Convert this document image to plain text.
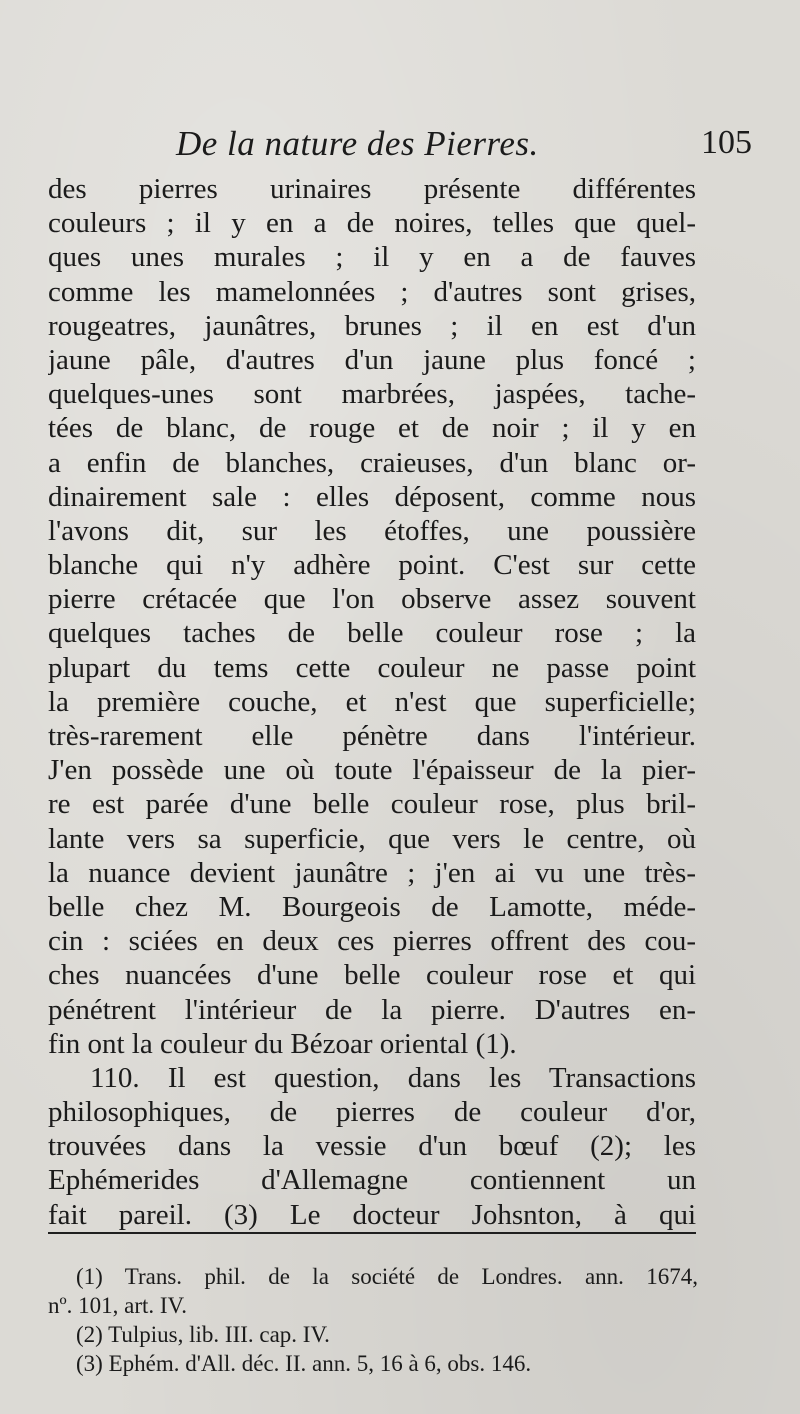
De la nature des Pierres.	105
des pierres urinaires présente différentes
couleurs ; il y en a de noires, telles que quel-
ques unes murales ; il y en a de fauves
comme les mamelonnées ; d'autres sont grises,
rougeatres, jaunâtres, brunes ; il en est d'un
jaune pâle, d'autres d'un jaune plus foncé ;
quelques-unes sont marbrées, jaspées, tache-
tées de blanc, de rouge et de noir ; il y en
a enfin de blanches, craieuses, d'un blanc or-
dinairement sale : elles déposent, comme nous
l'avons dit, sur les étoffes, une poussière
blanche qui n'y adhère point. C'est sur cette
pierre crétacée que l'on observe assez souvent
quelques taches de belle couleur rose ; la
plupart du tems cette couleur ne passe point
la première couche, et n'est que superficielle;
très-rarement elle pénètre dans l'intérieur.
J'en possède une où toute l'épaisseur de la pier-
re est parée d'une belle couleur rose, plus bril-
lante vers sa superficie, que vers le centre, où
la nuance devient jaunâtre ; j'en ai vu une très-
belle chez M. Bourgeois de Lamotte, méde-
cin : sciées en deux ces pierres offrent des cou-
ches nuancées d'une belle couleur rose et qui
pénétrent l'intérieur de la pierre. D'autres en-
fin ont la couleur du Bézoar oriental (1).
110. Il est question, dans les Transactions
philosophiques, de pierres de couleur d'or,
trouvées dans la vessie d'un bœuf (2); les
Ephémerides d'Allemagne contiennent un
fait pareil. (3) Le docteur Johsnton, à qui
(1) Trans. phil. de la société de Londres. ann. 1674,
nº. 101, art. IV.
(2) Tulpius, lib. III. cap. IV.
(3) Ephém. d'All. déc. II. ann. 5, 16 à 6, obs. 146.
